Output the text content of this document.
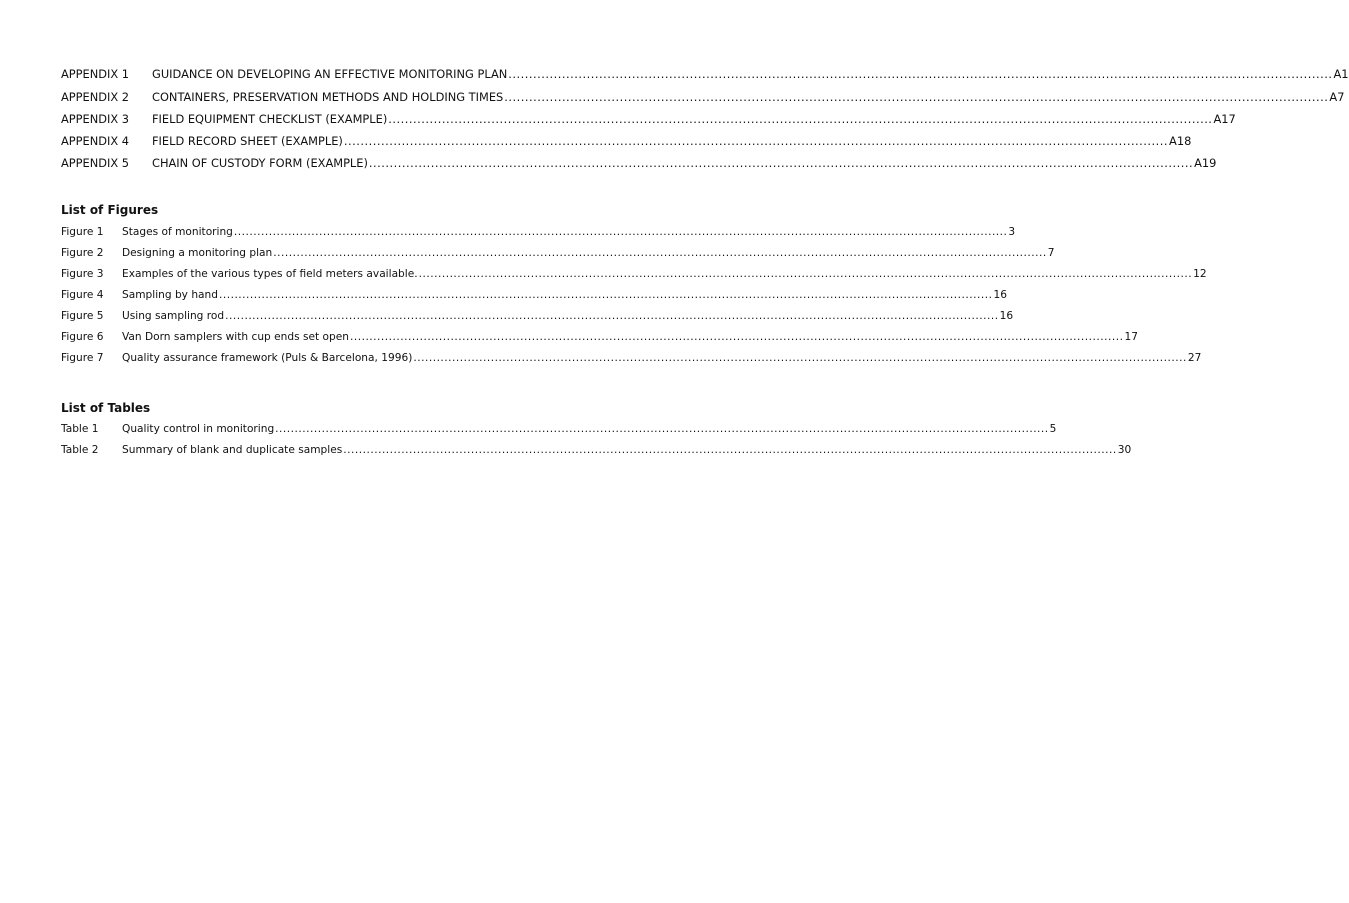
APPENDIX 1	GUIDANCE ON DEVELOPING AN EFFECTIVE MONITORING PLAN ........................................................................................................................................................................................................ A1
APPENDIX 2	CONTAINERS, PRESERVATION METHODS AND HOLDING TIMES ........................................................................................................................................................................................................ A7
APPENDIX 3	FIELD EQUIPMENT CHECKLIST (EXAMPLE) ........................................................................................................................................................................................................ A17
APPENDIX 4	FIELD RECORD SHEET (EXAMPLE) ........................................................................................................................................................................................................ A18
APPENDIX 5	CHAIN OF CUSTODY FORM (EXAMPLE) ........................................................................................................................................................................................................ A19
List of Figures
Figure 1	Stages of monitoring ........................................................................................................................................................................................................ 3
Figure 2	Designing a monitoring plan ........................................................................................................................................................................................................ 7
Figure 3	Examples of the various types of field meters available. ........................................................................................................................................................................................................ 12
Figure 4	Sampling by hand ........................................................................................................................................................................................................ 16
Figure 5	Using sampling rod ........................................................................................................................................................................................................ 16
Figure 6	Van Dorn samplers with cup ends set open ........................................................................................................................................................................................................ 17
Figure 7	Quality assurance framework (Puls & Barcelona, 1996) ........................................................................................................................................................................................................ 27
List of Tables
Table 1	Quality control in monitoring ........................................................................................................................................................................................................ 5
Table 2	Summary of blank and duplicate samples ........................................................................................................................................................................................................ 30
